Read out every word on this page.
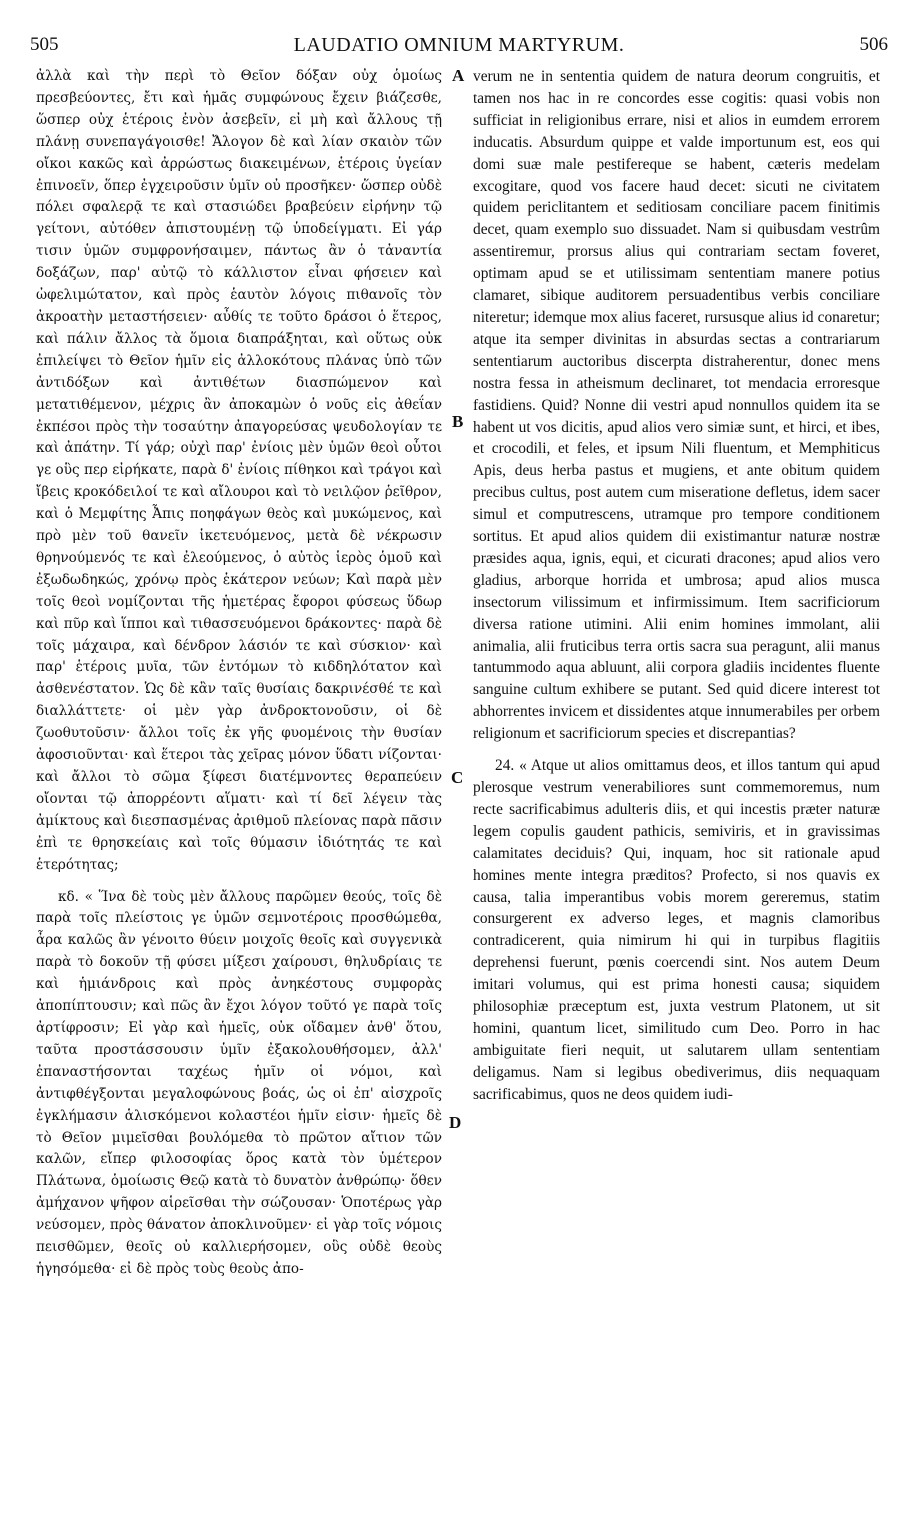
505	LAUDATIO OMNIUM MARTYRUM.	506

ἀλλὰ καὶ τὴν περὶ τὸ Θεῖον δόξαν οὐχ ὁμοίως πρεσβεύοντες, ἔτι καὶ ἡμᾶς συμφώνους ἔχειν βιάζεσθε, ὥσπερ οὐχ ἑτέροις ἐνὸν ἀσεβεῖν, εἰ μὴ καὶ ἄλλους τῇ πλάνῃ συνεπαγάγοισθε! Ἄλογον δὲ καὶ λίαν σκαιὸν τῶν οἴκοι κακῶς καὶ ἀρρώστως διακειμένων, ἑτέροις ὑγείαν ἐπινοεῖν, ὅπερ ἐγχειροῦσιν ὑμῖν οὐ προσῆκεν· ὥσπερ οὐδὲ πόλει σφαλερᾷ τε καὶ στασιώδει βραβεύειν εἰρήνην τῷ γείτονι, αὐτόθεν ἀπιστουμένῃ τῷ ὑποδείγματι. Εἰ γάρ τισιν ὑμῶν συμφρονήσαιμεν, πάντως ἂν ὁ τἀναντία δοξάζων, παρ' αὐτῷ τὸ κάλλιστον εἶναι φήσειεν καὶ ὠφελιμώτατον, καὶ πρὸς ἑαυτὸν λόγοις πιθανοῖς τὸν ἀκροατὴν μεταστήσειεν· αὖθίς τε τοῦτο δράσοι ὁ ἕτερος, καὶ πάλιν ἄλλος τὰ ὅμοια διαπράξηται, καὶ οὕτως οὐκ ἐπιλείψει τὸ Θεῖον ἡμῖν εἰς ἀλλοκότους πλάνας ὑπὸ τῶν ἀντιδόξων καὶ ἀντιθέτων διασπώμενον καὶ μετατιθέμενον, μέχρις ἂν ἀποκαμὼν ὁ νοῦς εἰς ἀθεΐαν ἐκπέσοι πρὸς τὴν τοσαύτην ἀπαγορεύσας ψευδολογίαν τε καὶ ἀπάτην. Τί γάρ; οὐχὶ παρ' ἐνίοις μὲν ὑμῶν θεοὶ οὗτοι γε οὓς περ εἰρήκατε, παρὰ δ' ἐνίοις πίθηκοι καὶ τράγοι καὶ ἴβεις κροκόδειλοί τε καὶ αἴλουροι καὶ τὸ νειλῷον ῥεῖθρον, καὶ ὁ Μεμφίτης Ἆπις ποηφάγων θεὸς καὶ μυκώμενος, καὶ πρὸ μὲν τοῦ θανεῖν ἱκετευόμενος, μετὰ δὲ νέκρωσιν θρηνούμενός τε καὶ ἐλεούμενος, ὁ αὐτὸς ἱερὸς ὁμοῦ καὶ ἐξωδωδηκώς, χρόνῳ πρὸς ἑκάτερον νεύων; Καὶ παρὰ μὲν τοῖς θεοὶ νομίζονται τῆς ἡμετέρας ἔφοροι φύσεως ὕδωρ καὶ πῦρ καὶ ἵπποι καὶ τιθασσευόμενοι δράκοντες· παρὰ δὲ τοῖς μάχαιρα, καὶ δένδρον λάσιόν τε καὶ σύσκιον· καὶ παρ' ἑτέροις μυῖα, τῶν ἐντόμων τὸ κιδδηλότατον καὶ ἀσθενέστατον. Ὡς δὲ κἂν ταῖς θυσίαις δακρινέσθέ τε καὶ διαλλάττετε· οἱ μὲν γὰρ ἀνδροκτονοῦσιν, οἱ δὲ ζωοθυτοῦσιν· ἄλλοι τοῖς ἐκ γῆς φυομένοις τὴν θυσίαν ἀφοσιοῦνται· καὶ ἕτεροι τὰς χεῖρας μόνον ὕδατι νίζονται· καὶ ἄλλοι τὸ σῶμα ξίφεσι διατέμνοντες θεραπεύειν οἴονται τῷ ἀπορρέοντι αἵματι· καὶ τί δεῖ λέγειν τὰς ἀμίκτους καὶ διεσπασμένας ἀριθμοῦ πλείονας παρὰ πᾶσιν ἐπὶ τε θρησκείαις καὶ τοῖς θύμασιν ἰδιότητάς τε καὶ ἑτερότητας;

κδ. « Ἵνα δὲ τοὺς μὲν ἄλλους παρῶμεν θεούς, τοῖς δὲ παρὰ τοῖς πλείστοις γε ὑμῶν σεμνοτέροις προσθώμεθα, ἆρα καλῶς ἂν γένοιτο θύειν μοιχοῖς θεοῖς καὶ συγγενικὰ παρὰ τὸ δοκοῦν τῇ φύσει μίξεσι χαίρουσι, θηλυδρίαις τε καὶ ἡμιάνδροις καὶ πρὸς ἀνηκέστους συμφορὰς ἀποπίπτουσιν; καὶ πῶς ἂν ἔχοι λόγον τοῦτό γε παρὰ τοῖς ἀρτίφροσιν; Εἰ γὰρ καὶ ἡμεῖς, οὐκ οἴδαμεν ἀνθ' ὅτου, ταῦτα προστάσσουσιν ὑμῖν ἐξακολουθήσομεν, ἀλλ' ἐπαναστήσονται ταχέως ἡμῖν οἱ νόμοι, καὶ ἀντιφθέγξονται μεγαλοφώνους βοάς, ὡς οἱ ἐπ' αἰσχροῖς ἐγκλήμασιν ἁλισκόμενοι κολαστέοι ἡμῖν εἰσιν· ἡμεῖς δὲ τὸ Θεῖον μιμεῖσθαι βουλόμεθα τὸ πρῶτον αἴτιον τῶν καλῶν, εἴπερ φιλοσοφίας ὅρος κατὰ τὸν ὑμέτερον Πλάτωνα, ὁμοίωσις Θεῷ κατὰ τὸ δυνατὸν ἀνθρώπῳ· ὅθεν ἀμήχανον ψῆφον αἱρεῖσθαι τὴν σώζουσαν· Ὁποτέρως γὰρ νεύσομεν, πρὸς θάνατον ἀποκλινοῦμεν· εἰ γὰρ τοῖς νόμοις πεισθῶμεν, θεοῖς οὐ καλλιερήσομεν, οὓς οὐδὲ θεοὺς ἡγησόμεθα· εἰ δὲ πρὸς τοὺς θεοὺς ἀπο-

A
B
C
D

verum ne in sententia quidem de natura deorum congruitis, et tamen nos hac in re concordes esse cogitis: quasi vobis non sufficiat in religionibus errare, nisi et alios in eumdem errorem inducatis. Absurdum quippe et valde importunum est, eos qui domi suæ male pestifereque se habent, cæteris medelam excogitare, quod vos facere haud decet: sicuti ne civitatem quidem periclitantem et seditiosam conciliare pacem finitimis decet, quam exemplo suo dissuadet. Nam si quibusdam vestrûm assentiremur, prorsus alius qui contrariam sectam foveret, optimam apud se et utilissimam sententiam manere potius clamaret, sibique auditorem persuadentibus verbis conciliare niteretur; idemque mox alius faceret, rursusque alius id conaretur; atque ita semper divinitas in absurdas sectas a contrariarum sententiarum auctoribus discerpta distraherentur, donec mens nostra fessa in atheismum declinaret, tot mendacia erroresque fastidiens. Quid? Nonne dii vestri apud nonnullos quidem ita se habent ut vos dicitis, apud alios vero simiæ sunt, et hirci, et ibes, et crocodili, et feles, et ipsum Nili fluentum, et Memphiticus Apis, deus herba pastus et mugiens, et ante obitum quidem precibus cultus, post autem cum miseratione defletus, idem sacer simul et computrescens, utramque pro tempore conditionem sortitus. Et apud alios quidem dii existimantur naturæ nostræ præsides aqua, ignis, equi, et cicurati dracones; apud alios vero gladius, arborque horrida et umbrosa; apud alios musca insectorum vilissimum et infirmissimum. Item sacrificiorum diversa ratione utimini. Alii enim homines immolant, alii animalia, alii fruticibus terra ortis sacra sua peragunt, alii manus tantummodo aqua abluunt, alii corpora gladiis incidentes fluente sanguine cultum exhibere se putant. Sed quid dicere interest tot abhorrentes invicem et dissidentes atque innumerabiles per orbem religionum et sacrificiorum species et discrepantias?

24. « Atque ut alios omittamus deos, et illos tantum qui apud plerosque vestrum venerabiliores sunt commemoremus, num recte sacrificabimus adulteris diis, et qui incestis præter naturæ legem copulis gaudent pathicis, semiviris, et in gravissimas calamitates deciduis? Qui, inquam, hoc sit rationale apud homines mente integra præditos? Profecto, si nos quavis ex causa, talia imperantibus vobis morem gereremus, statim consurgerent ex adverso leges, et magnis clamoribus contradicerent, quia nimirum hi qui in turpibus flagitiis deprehensi fuerunt, pœnis coercendi sint. Nos autem Deum imitari volumus, qui est prima honesti causa; siquidem philosophiæ præceptum est, juxta vestrum Platonem, ut sit homini, quantum licet, similitudo cum Deo. Porro in hac ambiguitate fieri nequit, ut salutarem ullam sententiam deligamus. Nam si legibus obediverimus, diis nequaquam sacrificabimus, quos ne deos quidem iudi-
